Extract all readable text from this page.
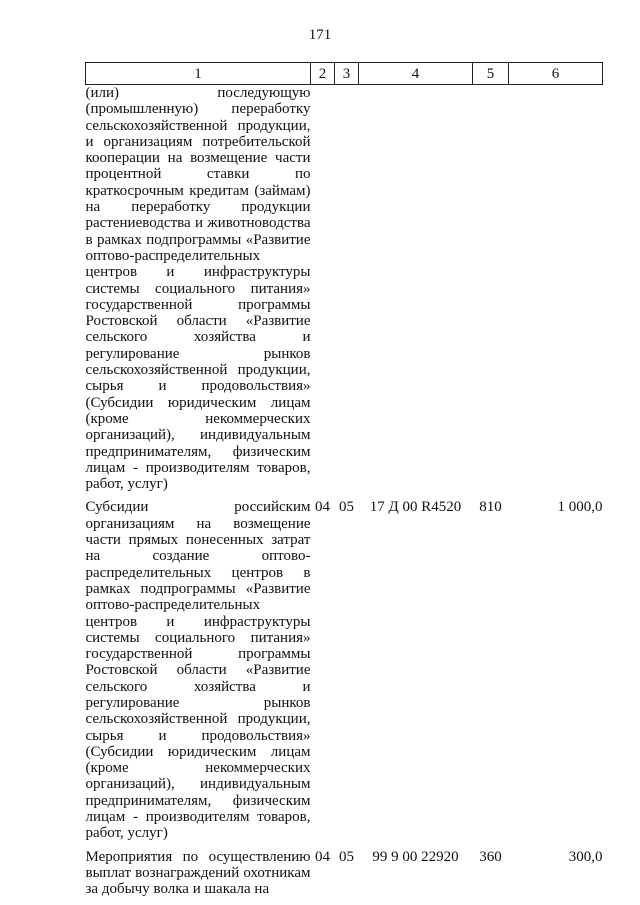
171
1	2	3	4	5	6
(или) последующую (промышленную) переработку сельскохозяйственной продукции, и организациям потребительской кооперации на возмещение части процентной ставки по краткосрочным кредитам (займам) на переработку продукции растениеводства и животноводства в рамках подпрограммы «Развитие оптово-распределительных центров и инфраструктуры системы социального питания» государственной программы Ростовской области «Развитие сельского хозяйства и регулирование рынков сельскохозяйственной продукции, сырья и продовольствия» (Субсидии юридическим лицам (кроме некоммерческих организаций), индивидуальным предпринимателям, физическим лицам - производителям товаров, работ, услуг)					
Субсидии российским организациям на возмещение части прямых понесенных затрат на создание оптово-распределительных центров в рамках подпрограммы «Развитие оптово-распределительных центров и инфраструктуры системы социального питания» государственной программы Ростовской области «Развитие сельского хозяйства и регулирование рынков сельскохозяйственной продукции, сырья и продовольствия» (Субсидии юридическим лицам (кроме некоммерческих организаций), индивидуальным предпринимателям, физическим лицам - производителям товаров, работ, услуг)	04	05	17 Д 00 R4520	810	1 000,0
Мероприятия по осуществлению выплат вознаграждений охотникам за добычу волка и шакала на	04	05	99 9 00 22920	360	300,0
